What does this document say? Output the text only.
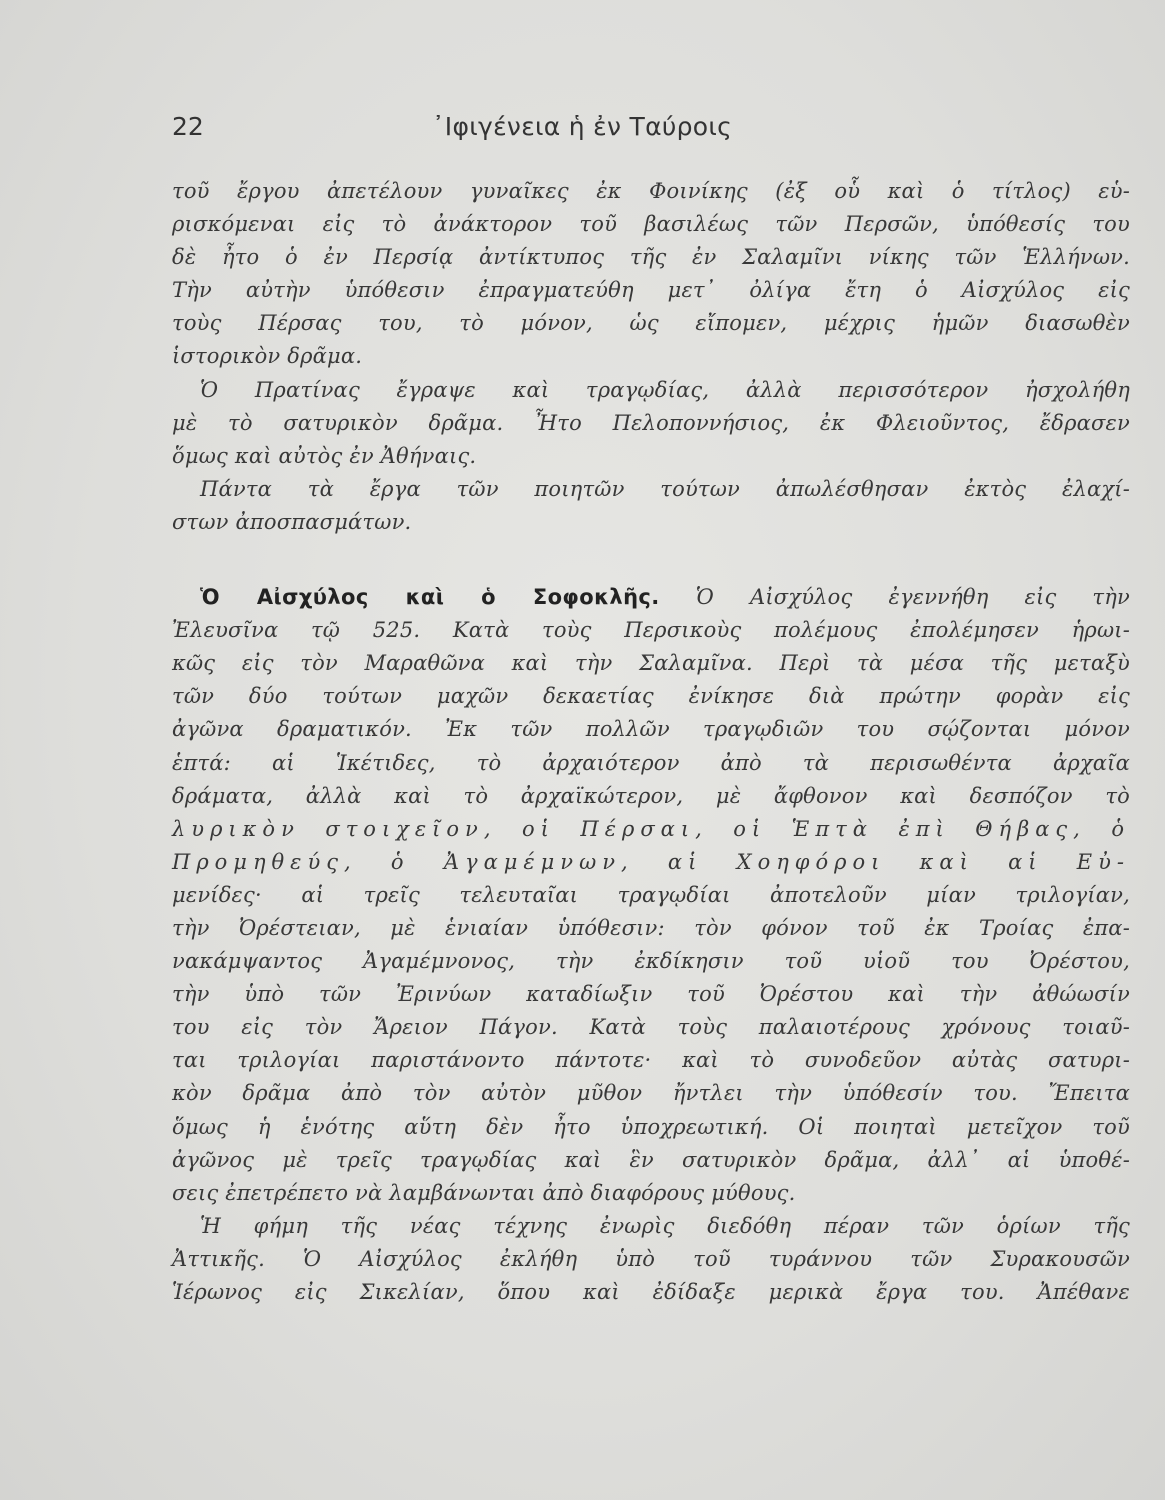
22	᾿Ιφιγένεια ἡ ἐν Ταύροις
τοῦ ἔργου ἀπετέλουν γυναῖκες ἐκ Φοινίκης (ἐξ οὗ καὶ ὁ τίτλος) εὑ-
ρισκόμεναι εἰς τὸ ἀνάκτορον τοῦ βασιλέως τῶν Περσῶν, ὑπόθεσίς του
δὲ ἦτο ὁ ἐν Περσίᾳ ἀντίκτυπος τῆς ἐν Σαλαμῖνι νίκης τῶν Ἑλλήνων.
Τὴν αὐτὴν ὑπόθεσιν ἐπραγματεύθη μετ᾿ ὀλίγα ἔτη ὁ Αἰσχύλος εἰς
τοὺς Πέρσας του, τὸ μόνον, ὡς εἴπομεν, μέχρις ἡμῶν διασωθὲν
ἱστορικὸν δρᾶμα.
Ὁ Πρατίνας ἔγραψε καὶ τραγῳδίας, ἀλλὰ περισσότερον ἠσχολήθη
μὲ τὸ σατυρικὸν δρᾶμα. Ἦτο Πελοποννήσιος, ἐκ Φλειοῦντος, ἔδρασεν
ὅμως καὶ αὐτὸς ἐν Ἀθήναις.
Πάντα τὰ ἔργα τῶν ποιητῶν τούτων ἀπωλέσθησαν ἐκτὸς ἐλαχί-
στων ἀποσπασμάτων.
Ὁ Αἰσχύλος καὶ ὁ Σοφοκλῆς. Ὁ Αἰσχύλος ἐγεννήθη εἰς τὴν
Ἐλευσῖνα τῷ 525. Κατὰ τοὺς Περσικοὺς πολέμους ἐπολέμησεν ἡρωι-
κῶς εἰς τὸν Μαραθῶνα καὶ τὴν Σαλαμῖνα. Περὶ τὰ μέσα τῆς μεταξὺ
τῶν δύο τούτων μαχῶν δεκαετίας ἐνίκησε διὰ πρώτην φορὰν εἰς
ἀγῶνα δραματικόν. Ἐκ τῶν πολλῶν τραγῳδιῶν του σῴζονται μόνον
ἑπτά: αἱ Ἱκέτιδες, τὸ ἀρχαιότερον ἀπὸ τὰ περισωθέντα ἀρχαῖα
δράματα, ἀλλὰ καὶ τὸ ἀρχαϊκώτερον, μὲ ἄφθονον καὶ δεσπόζον τὸ
λυρικὸν στοιχεῖον, οἱ Πέρσαι, οἱ Ἑπτὰ ἐπὶ Θήβας, ὁ
Προμηθεύς, ὁ Ἀγαμέμνων, αἱ Χοηφόροι καὶ αἱ Εὐ-
μενίδες· αἱ τρεῖς τελευταῖαι τραγῳδίαι ἀποτελοῦν μίαν τριλογίαν,
τὴν Ὀρέστειαν, μὲ ἑνιαίαν ὑπόθεσιν: τὸν φόνον τοῦ ἐκ Τροίας ἐπα-
νακάμψαντος Ἀγαμέμνονος, τὴν ἐκδίκησιν τοῦ υἱοῦ του Ὀρέστου,
τὴν ὑπὸ τῶν Ἐρινύων καταδίωξιν τοῦ Ὀρέστου καὶ τὴν ἀθώωσίν
του εἰς τὸν Ἄρειον Πάγον. Κατὰ τοὺς παλαιοτέρους χρόνους τοιαῦ-
ται τριλογίαι παριστάνοντο πάντοτε· καὶ τὸ συνοδεῦον αὐτὰς σατυρι-
κὸν δρᾶμα ἀπὸ τὸν αὐτὸν μῦθον ἤντλει τὴν ὑπόθεσίν του. Ἔπειτα
ὅμως ἡ ἑνότης αὕτη δὲν ἦτο ὑποχρεωτική. Οἱ ποιηταὶ μετεῖχον τοῦ
ἀγῶνος μὲ τρεῖς τραγῳδίας καὶ ἓν σατυρικὸν δρᾶμα, ἀλλ᾿ αἱ ὑποθέ-
σεις ἐπετρέπετο νὰ λαμβάνωνται ἀπὸ διαφόρους μύθους.
Ἡ φήμη τῆς νέας τέχνης ἐνωρὶς διεδόθη πέραν τῶν ὁρίων τῆς
Ἀττικῆς. Ὁ Αἰσχύλος ἐκλήθη ὑπὸ τοῦ τυράννου τῶν Συρακουσῶν
Ἱέρωνος εἰς Σικελίαν, ὅπου καὶ ἐδίδαξε μερικὰ ἔργα του. Ἀπέθανε
